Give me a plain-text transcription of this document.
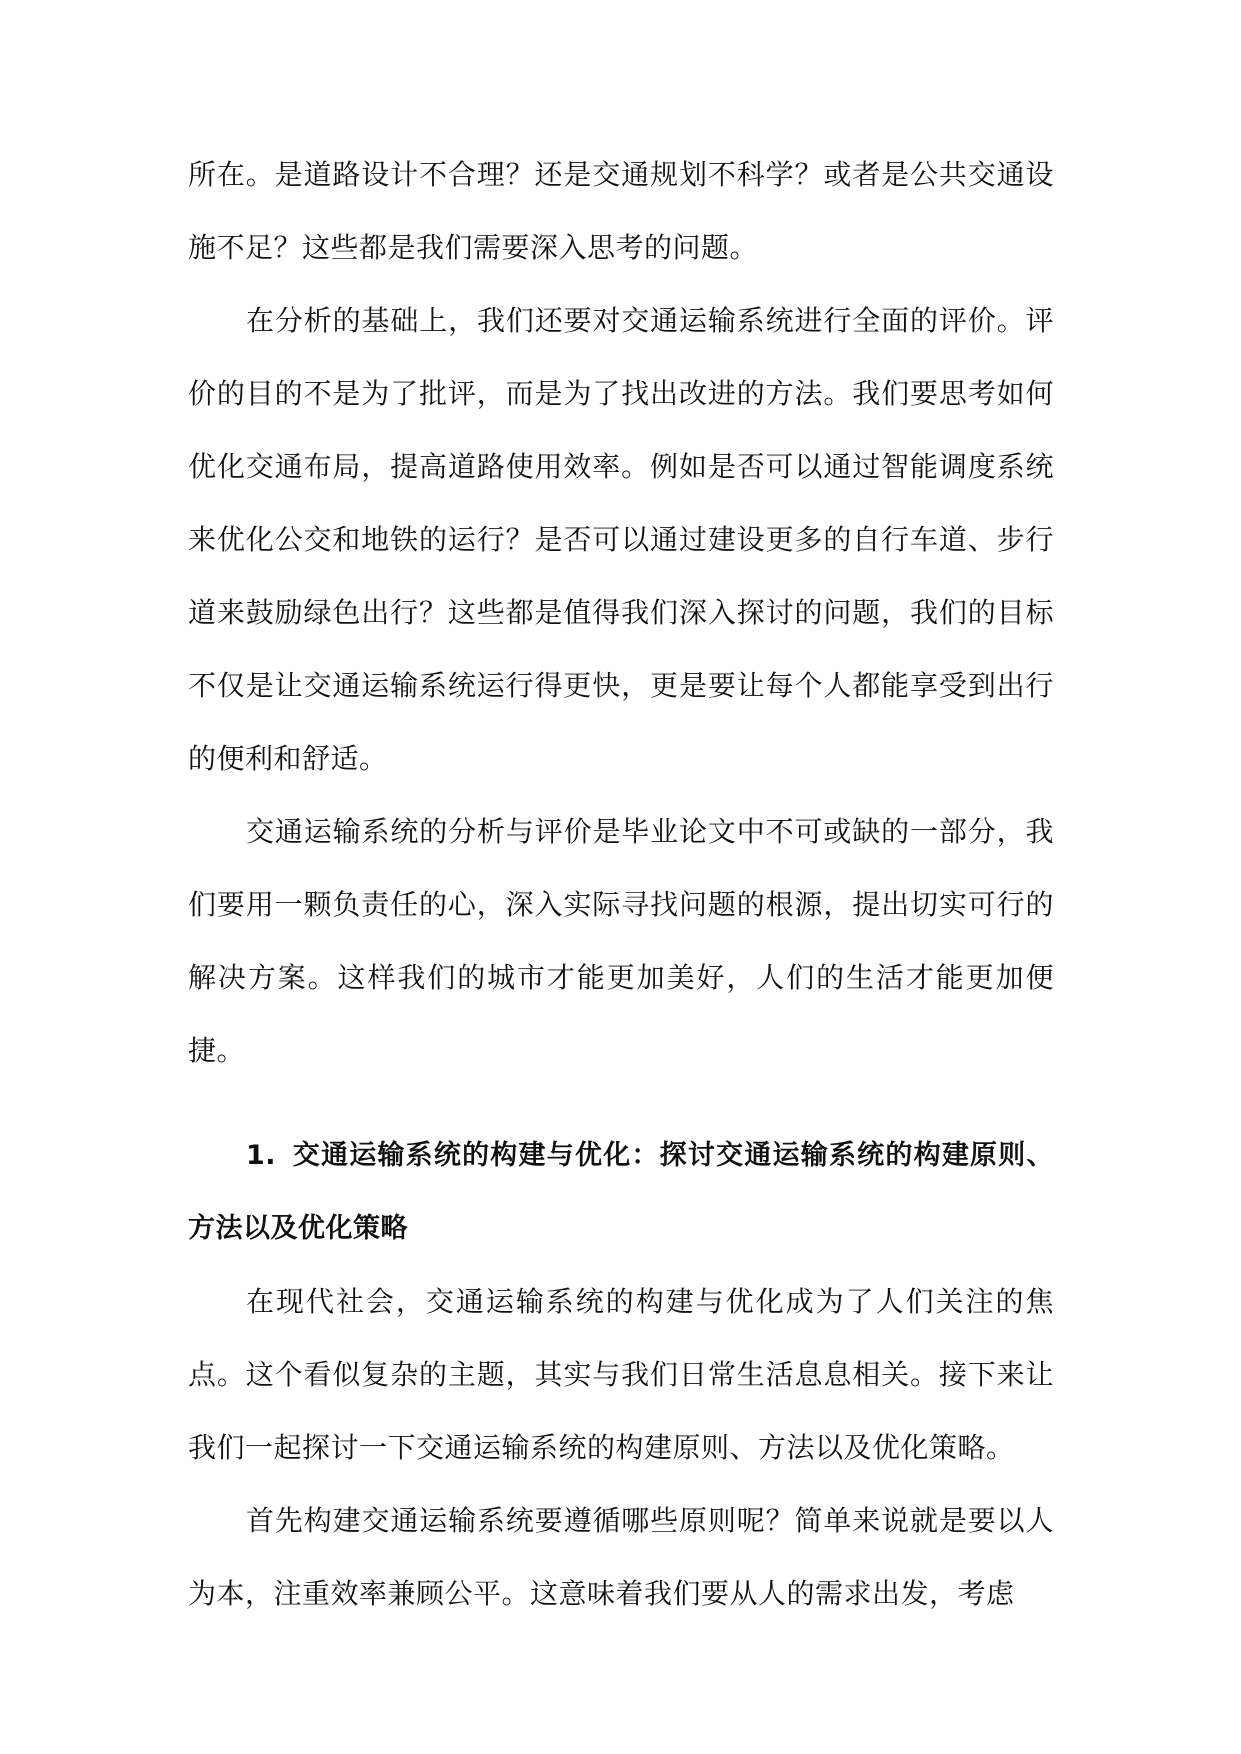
所在。是道路设计不合理？还是交通规划不科学？或者是公共交通设施不足？这些都是我们需要深入思考的问题。

在分析的基础上，我们还要对交通运输系统进行全面的评价。评价的目的不是为了批评，而是为了找出改进的方法。我们要思考如何优化交通布局，提高道路使用效率。例如是否可以通过智能调度系统来优化公交和地铁的运行？是否可以通过建设更多的自行车道、步行道来鼓励绿色出行？这些都是值得我们深入探讨的问题，我们的目标不仅是让交通运输系统运行得更快，更是要让每个人都能享受到出行的便利和舒适。

交通运输系统的分析与评价是毕业论文中不可或缺的一部分，我们要用一颗负责任的心，深入实际寻找问题的根源，提出切实可行的解决方案。这样我们的城市才能更加美好，人们的生活才能更加便捷。

1. 交通运输系统的构建与优化：探讨交通运输系统的构建原则、方法以及优化策略

在现代社会，交通运输系统的构建与优化成为了人们关注的焦点。这个看似复杂的主题，其实与我们日常生活息息相关。接下来让我们一起探讨一下交通运输系统的构建原则、方法以及优化策略。

首先构建交通运输系统要遵循哪些原则呢？简单来说就是要以人为本，注重效率兼顾公平。这意味着我们要从人的需求出发，考虑
